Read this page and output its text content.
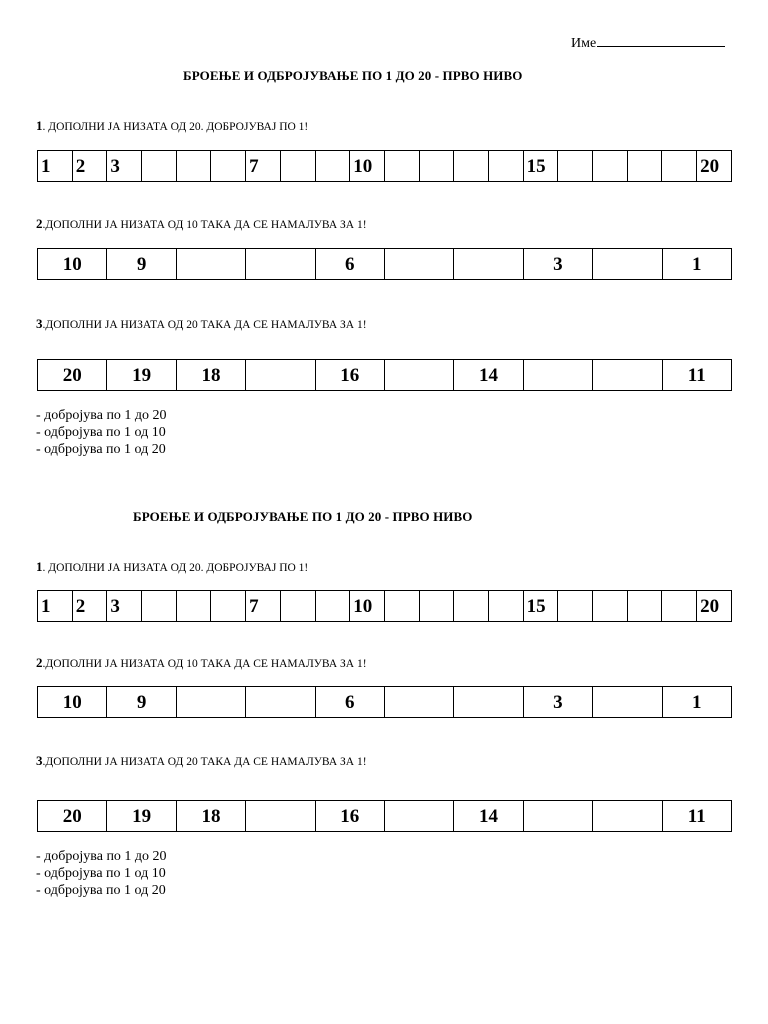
Име
БРОЕЊЕ И ОДБРОЈУВАЊЕ ПО 1 ДО 20 - ПРВО НИВО
1. ДОПОЛНИ ЈА НИЗАТА ОД 20. ДОБРОЈУВАЈ ПО 1!
1	2	3				7			10					15					20
2.ДОПОЛНИ ЈА НИЗАТА ОД 10 ТАКА ДА СЕ НАМАЛУВА ЗА 1!
10	9			6			3		1
3.ДОПОЛНИ ЈА НИЗАТА ОД 20 ТАКА ДА СЕ НАМАЛУВА ЗА 1!
20	19	18		16		14			11
- добројува по 1 до 20
- одбројува по 1 од 10
- одбројува по 1 од 20
БРОЕЊЕ И ОДБРОЈУВАЊЕ ПО 1 ДО 20 - ПРВО НИВО
1. ДОПОЛНИ ЈА НИЗАТА ОД 20. ДОБРОЈУВАЈ ПО 1!
1	2	3				7			10					15					20
2.ДОПОЛНИ ЈА НИЗАТА ОД 10 ТАКА ДА СЕ НАМАЛУВА ЗА 1!
10	9			6			3		1
3.ДОПОЛНИ ЈА НИЗАТА ОД 20 ТАКА ДА СЕ НАМАЛУВА ЗА 1!
20	19	18		16		14			11
- добројува по 1 до 20
- одбројува по 1 од 10
- одбројува по 1 од 20
